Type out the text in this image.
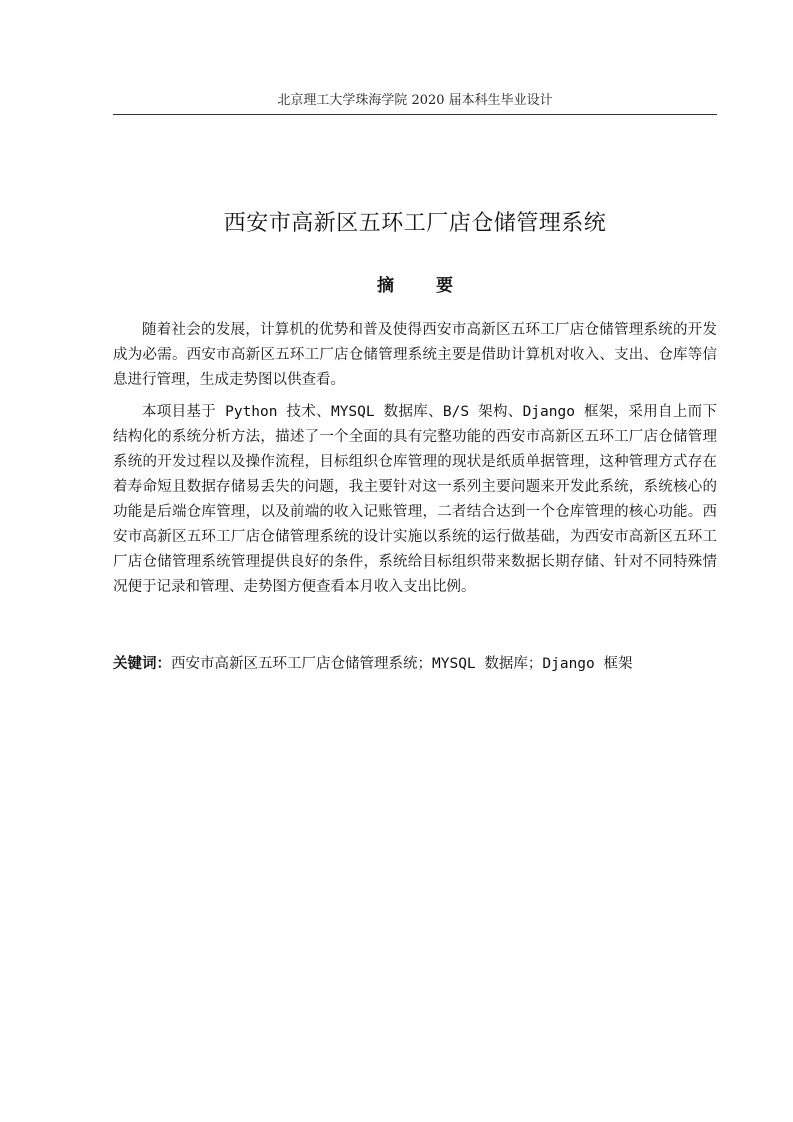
北京理工大学珠海学院 2020 届本科生毕业设计
西安市高新区五环工厂店仓储管理系统
摘 要

随着社会的发展，计算机的优势和普及使得西安市高新区五环工厂店仓储管理系统的开发成为必需。西安市高新区五环工厂店仓储管理系统主要是借助计算机对收入、支出、仓库等信息进行管理，生成走势图以供查看。

本项目基于 Python 技术、MYSQL 数据库、B/S 架构、Django 框架，采用自上而下结构化的系统分析方法，描述了一个全面的具有完整功能的西安市高新区五环工厂店仓储管理系统的开发过程以及操作流程，目标组织仓库管理的现状是纸质单据管理，这种管理方式存在着寿命短且数据存储易丢失的问题，我主要针对这一系列主要问题来开发此系统，系统核心的功能是后端仓库管理，以及前端的收入记账管理，二者结合达到一个仓库管理的核心功能。西安市高新区五环工厂店仓储管理系统的设计实施以系统的运行做基础，为西安市高新区五环工厂店仓储管理系统管理提供良好的条件，系统给目标组织带来数据长期存储、针对不同特殊情况便于记录和管理、走势图方便查看本月收入支出比例。

关键词：西安市高新区五环工厂店仓储管理系统；MYSQL 数据库；Django 框架
